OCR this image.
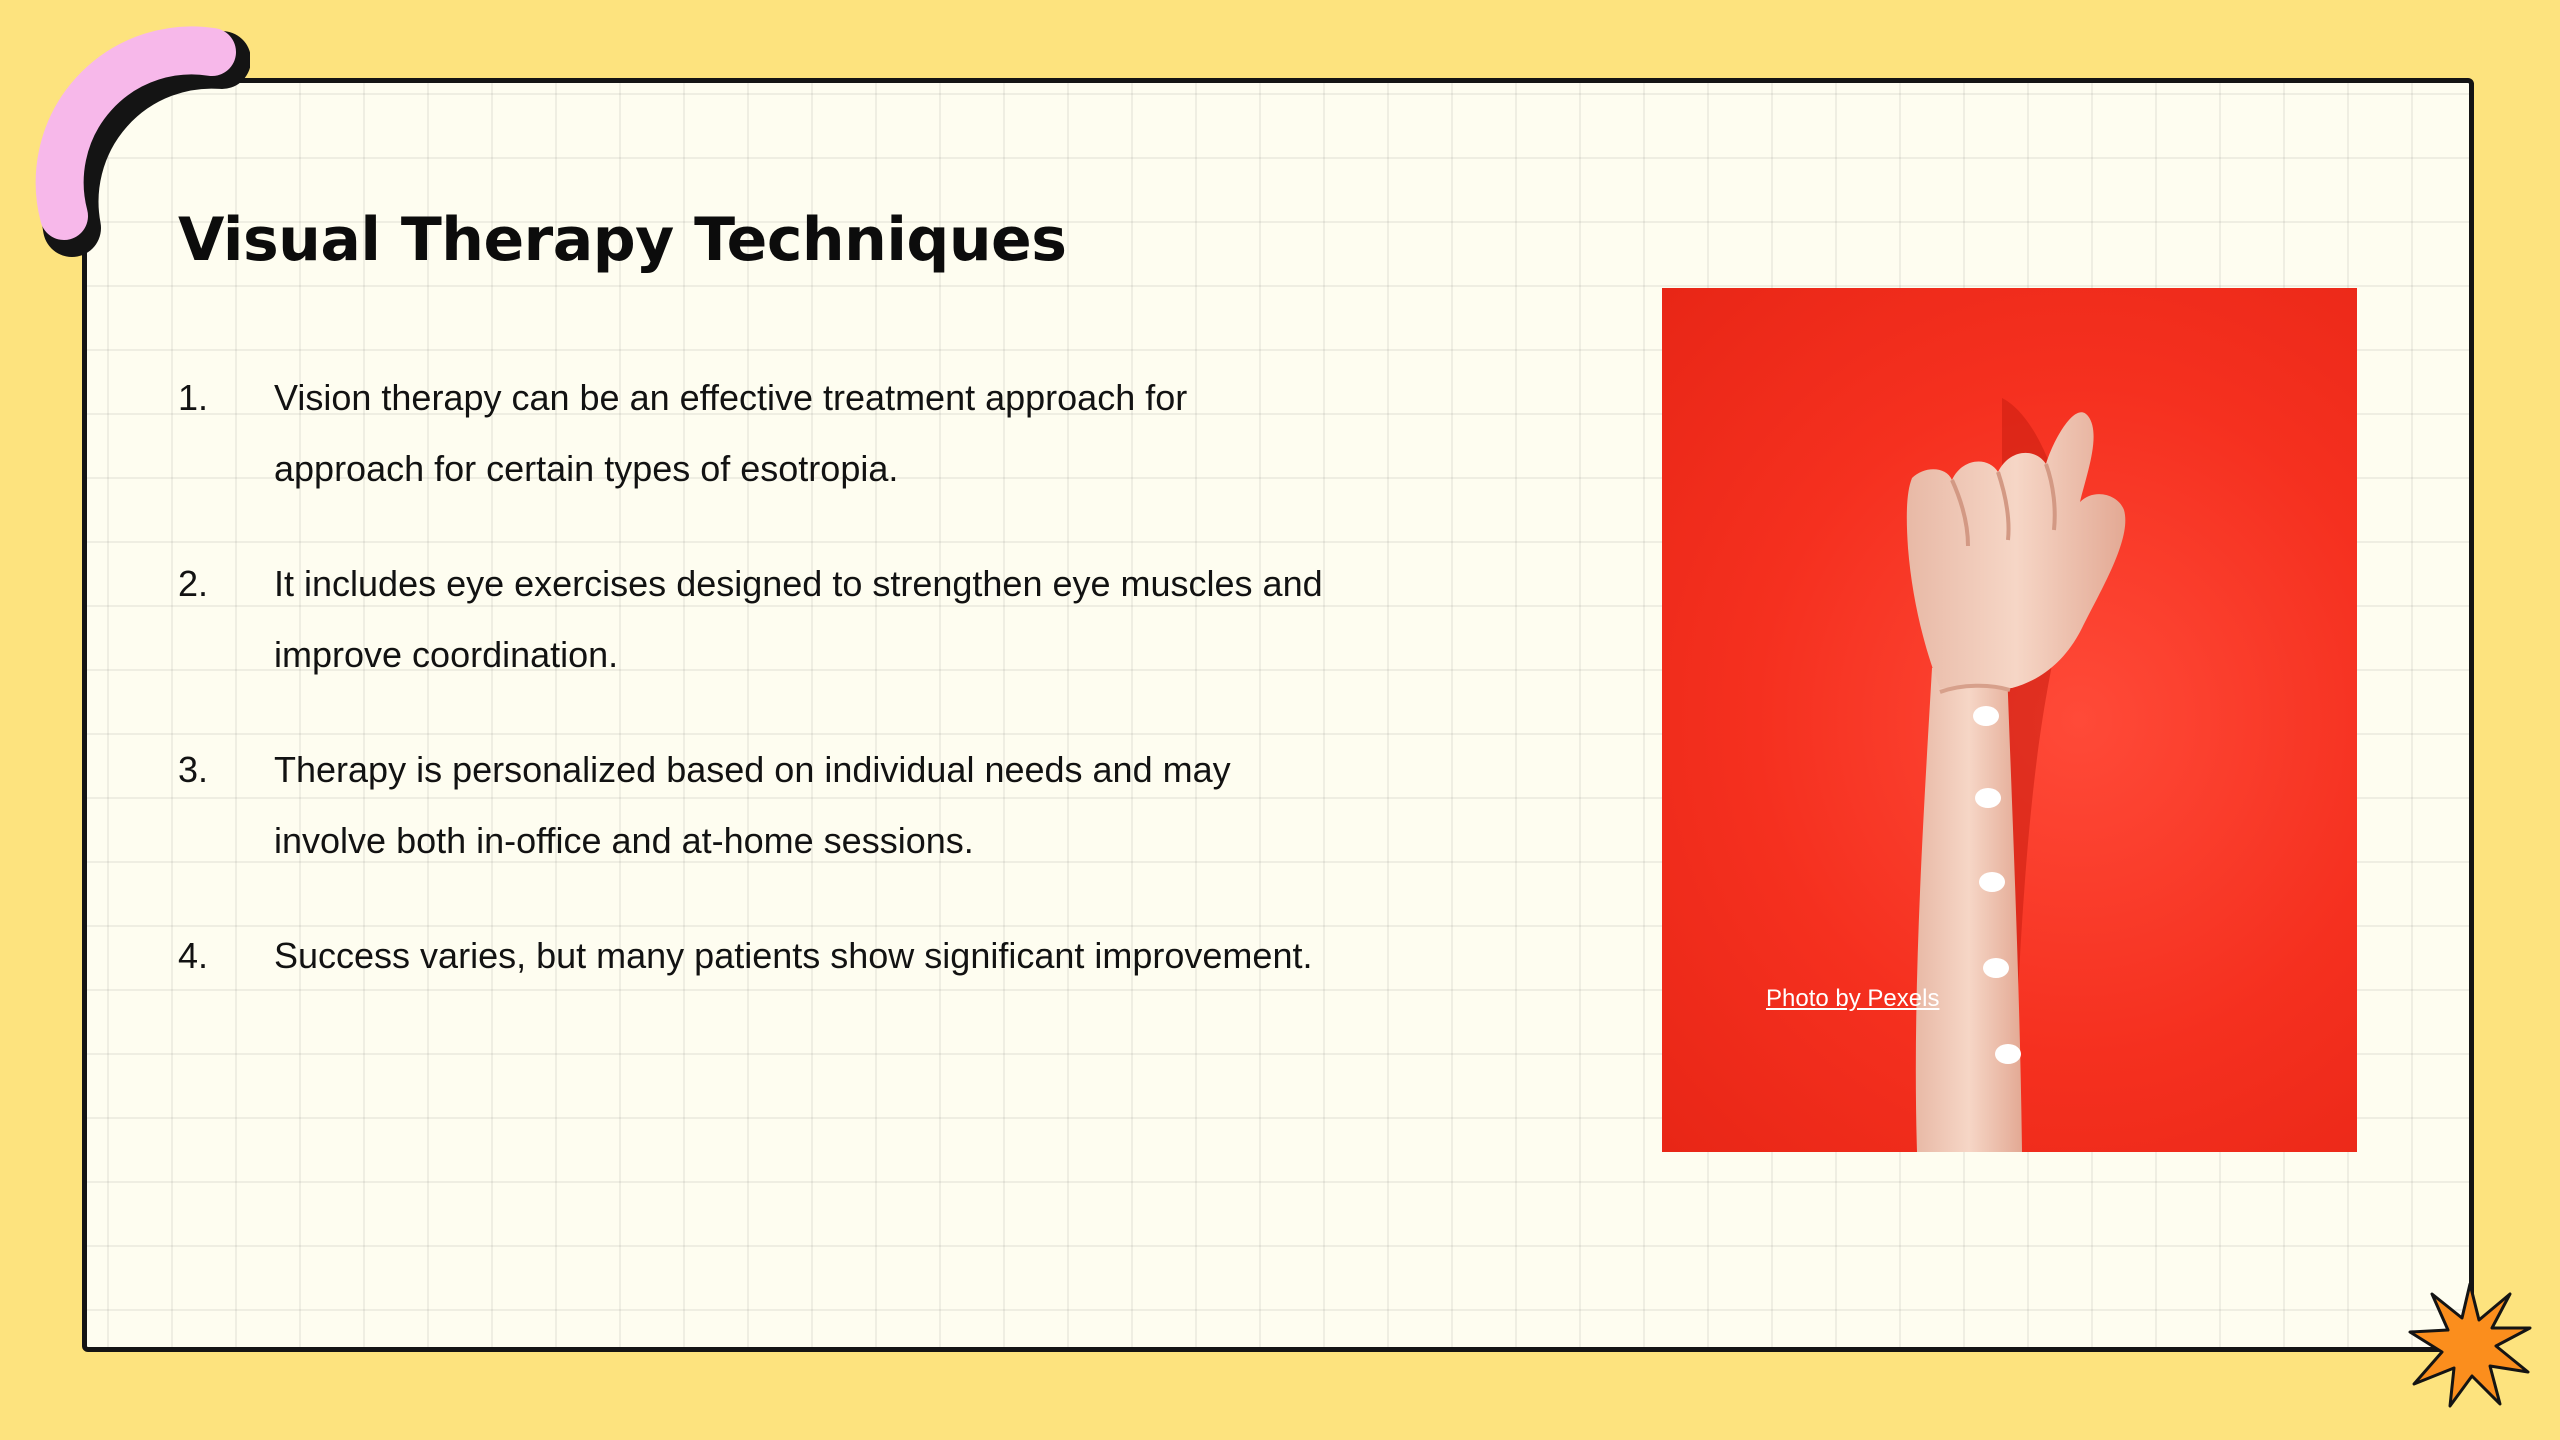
Visual Therapy Techniques
1. Vision therapy can be an effective treatment approach for approach for certain types of esotropia.
2. It includes eye exercises designed to strengthen eye muscles and improve coordination.
3. Therapy is personalized based on individual needs and may involve both in-office and at-home sessions.
4. Success varies, but many patients show significant improvement.
Photo by Pexels
